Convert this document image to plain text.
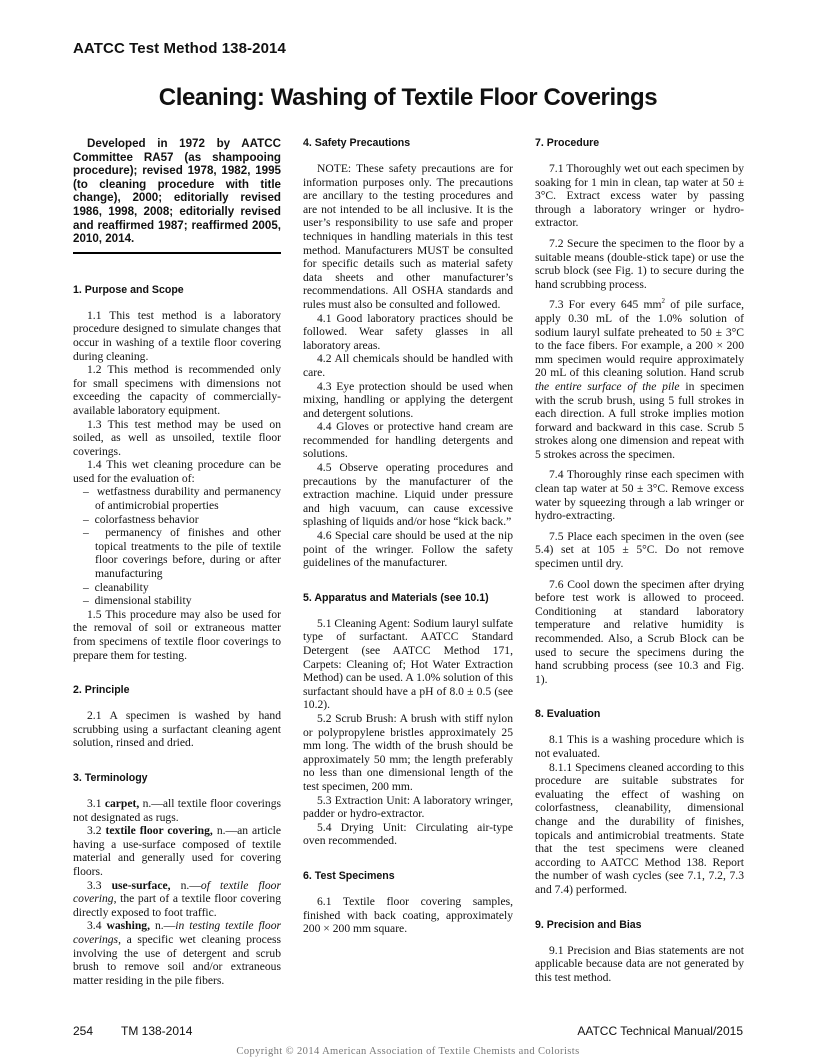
AATCC Test Method 138-2014
Cleaning: Washing of Textile Floor Coverings

Developed in 1972 by AATCC Committee RA57 (as shampooing procedure); revised 1978, 1982, 1995 (to cleaning procedure with title change), 2000; editorially revised 1986, 1998, 2008; editorially revised and reaffirmed 1987; reaffirmed 2005, 2010, 2014.

1. Purpose and Scope

1.1 This test method is a laboratory procedure designed to simulate changes that occur in washing of a textile floor covering during cleaning.

1.2 This method is recommended only for small specimens with dimensions not exceeding the capacity of commercially-available laboratory equipment.

1.3 This test method may be used on soiled, as well as unsoiled, textile floor coverings.

1.4 This wet cleaning procedure can be used for the evaluation of:

–  wetfastness durability and permanency of antimicrobial properties
–  colorfastness behavior
–  permanency of finishes and other topical treatments to the pile of textile floor coverings before, during or after manufacturing
–  cleanability
–  dimensional stability

1.5 This procedure may also be used for the removal of soil or extraneous matter from specimens of textile floor coverings to prepare them for testing.

2. Principle

2.1 A specimen is washed by hand scrubbing using a surfactant cleaning agent solution, rinsed and dried.

3. Terminology

3.1 carpet, n.—all textile floor coverings not designated as rugs.

3.2 textile floor covering, n.—an article having a use-surface composed of textile material and generally used for covering floors.

3.3 use-surface, n.—of textile floor covering, the part of a textile floor covering directly exposed to foot traffic.

3.4 washing, n.—in testing textile floor coverings, a specific wet cleaning process involving the use of detergent and scrub brush to remove soil and/or extraneous matter residing in the pile fibers.

4. Safety Precautions

NOTE: These safety precautions are for information purposes only. The precautions are ancillary to the testing procedures and are not intended to be all inclusive. It is the user’s responsibility to use safe and proper techniques in handling materials in this test method. Manufacturers MUST be consulted for specific details such as material safety data sheets and other manufacturer’s recommendations. All OSHA standards and rules must also be consulted and followed.

4.1 Good laboratory practices should be followed. Wear safety glasses in all laboratory areas.

4.2 All chemicals should be handled with care.

4.3 Eye protection should be used when mixing, handling or applying the detergent and detergent solutions.

4.4 Gloves or protective hand cream are recommended for handling detergents and solutions.

4.5 Observe operating procedures and precautions by the manufacturer of the extraction machine. Liquid under pressure and high vacuum, can cause excessive splashing of liquids and/or hose “kick back.”

4.6 Special care should be used at the nip point of the wringer. Follow the safety guidelines of the manufacturer.

5. Apparatus and Materials (see 10.1)

5.1 Cleaning Agent: Sodium lauryl sulfate type of surfactant. AATCC Standard Detergent (see AATCC Method 171, Carpets: Cleaning of; Hot Water Extraction Method) can be used. A 1.0% solution of this surfactant should have a pH of 8.0 ± 0.5 (see 10.2).

5.2 Scrub Brush: A brush with stiff nylon or polypropylene bristles approximately 25 mm long. The width of the brush should be approximately 50 mm; the length preferably no less than one dimensional length of the test specimen, 200 mm.

5.3 Extraction Unit: A laboratory wringer, padder or hydro-extractor.

5.4 Drying Unit: Circulating air-type oven recommended.

6. Test Specimens

6.1 Textile floor covering samples, finished with back coating, approximately 200 × 200 mm square.

7. Procedure

7.1 Thoroughly wet out each specimen by soaking for 1 min in clean, tap water at 50 ± 3°C. Extract excess water by passing through a laboratory wringer or hydro-extractor.

7.2 Secure the specimen to the floor by a suitable means (double-stick tape) or use the scrub block (see Fig. 1) to secure during the hand scrubbing process.

7.3 For every 645 $mm^2$ of pile surface, apply 0.30 mL of the 1.0% solution of sodium lauryl sulfate preheated to 50 ± 3°C to the face fibers. For example, a 200 × 200 mm specimen would require approximately 20 mL of this cleaning solution. Hand scrub the entire surface of the pile in specimen with the scrub brush, using 5 full strokes in each direction. A full stroke implies motion forward and backward in this case. Scrub 5 strokes along one dimension and repeat with 5 strokes across the specimen.

7.4 Thoroughly rinse each specimen with clean tap water at 50 ± 3°C. Remove excess water by squeezing through a lab wringer or hydro-extracting.

7.5 Place each specimen in the oven (see 5.4) set at 105 ± 5°C. Do not remove specimen until dry.

7.6 Cool down the specimen after drying before test work is allowed to proceed. Conditioning at standard laboratory temperature and relative humidity is recommended. Also, a Scrub Block can be used to secure the specimens during the hand scrubbing process (see 10.3 and Fig. 1).

8. Evaluation

8.1 This is a washing procedure which is not evaluated.

8.1.1 Specimens cleaned according to this procedure are suitable substrates for evaluating the effect of washing on colorfastness, cleanability, dimensional change and the durability of finishes, topicals and antimicrobial treatments. State that the test specimens were cleaned according to AATCC Method 138. Report the number of wash cycles (see 7.1, 7.2, 7.3 and 7.4) performed.

9. Precision and Bias

9.1 Precision and Bias statements are not applicable because data are not generated by this test method.

254 TM 138-2014	AATCC Technical Manual/2015
Copyright © 2014 American Association of Textile Chemists and Colorists
